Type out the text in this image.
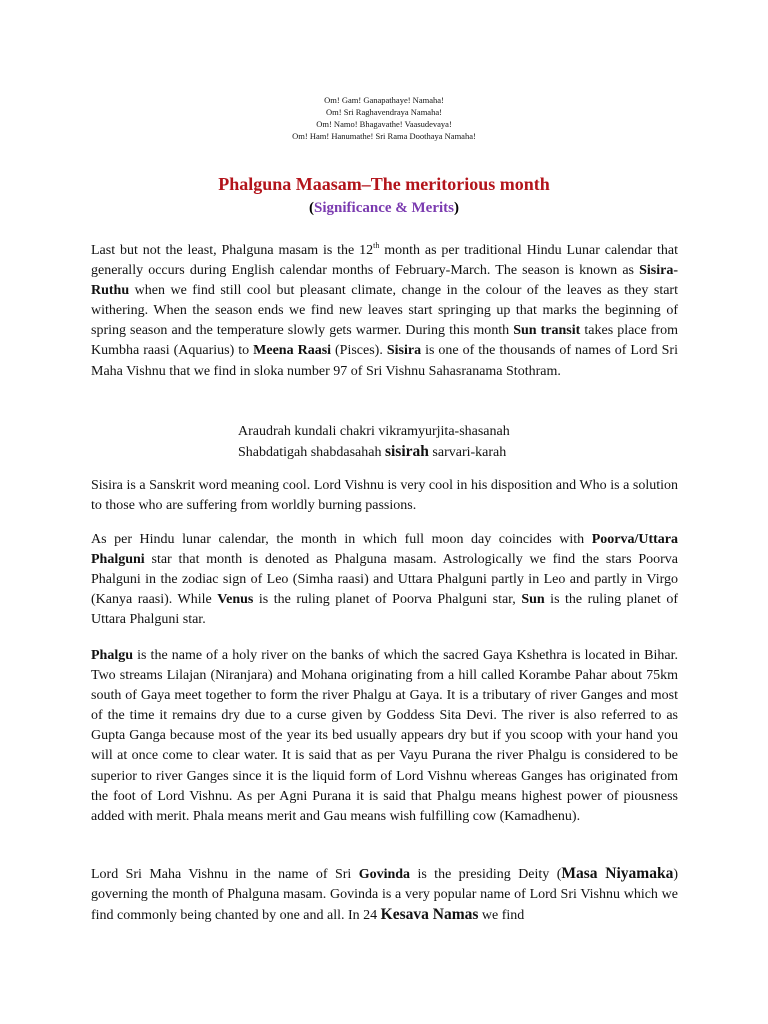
Om! Gam! Ganapathaye! Namaha!
Om! Sri Raghavendraya Namaha!
Om! Namo! Bhagavathe! Vaasudevaya!
Om! Ham! Hanumathe! Sri Rama Doothaya Namaha!
Phalguna Maasam–The meritorious month
(Significance & Merits)

Last but not the least, Phalguna masam is the 12th month as per traditional Hindu Lunar calendar that generally occurs during English calendar months of February-March. The season is known as Sisira-Ruthu when we find still cool but pleasant climate, change in the colour of the leaves as they start withering. When the season ends we find new leaves start springing up that marks the beginning of spring season and the temperature slowly gets warmer. During this month Sun transit takes place from Kumbha raasi (Aquarius) to Meena Raasi (Pisces). Sisira is one of the thousands of names of Lord Sri Maha Vishnu that we find in sloka number 97 of Sri Vishnu Sahasranama Stothram.

Araudrah kundali chakri vikramyurjita-shasanah
Shabdatigah shabdasahah sisirah sarvari-karah

Sisira is a Sanskrit word meaning cool. Lord Vishnu is very cool in his disposition and Who is a solution to those who are suffering from worldly burning passions.

As per Hindu lunar calendar, the month in which full moon day coincides with Poorva/Uttara Phalguni star that month is denoted as Phalguna masam. Astrologically we find the stars Poorva Phalguni in the zodiac sign of Leo (Simha raasi) and Uttara Phalguni partly in Leo and partly in Virgo (Kanya raasi). While Venus is the ruling planet of Poorva Phalguni star, Sun is the ruling planet of Uttara Phalguni star.

Phalgu is the name of a holy river on the banks of which the sacred Gaya Kshethra is located in Bihar. Two streams Lilajan (Niranjara) and Mohana originating from a hill called Korambe Pahar about 75km south of Gaya meet together to form the river Phalgu at Gaya. It is a tributary of river Ganges and most of the time it remains dry due to a curse given by Goddess Sita Devi. The river is also referred to as Gupta Ganga because most of the year its bed usually appears dry but if you scoop with your hand you will at once come to clear water. It is said that as per Vayu Purana the river Phalgu is considered to be superior to river Ganges since it is the liquid form of Lord Vishnu whereas Ganges has originated from the foot of Lord Vishnu. As per Agni Purana it is said that Phalgu means highest power of piousness added with merit. Phala means merit and Gau means wish fulfilling cow (Kamadhenu).

Lord Sri Maha Vishnu in the name of Sri Govinda is the presiding Deity (Masa Niyamaka) governing the month of Phalguna masam. Govinda is a very popular name of Lord Sri Vishnu which we find commonly being chanted by one and all. In 24 Kesava Namas we find
